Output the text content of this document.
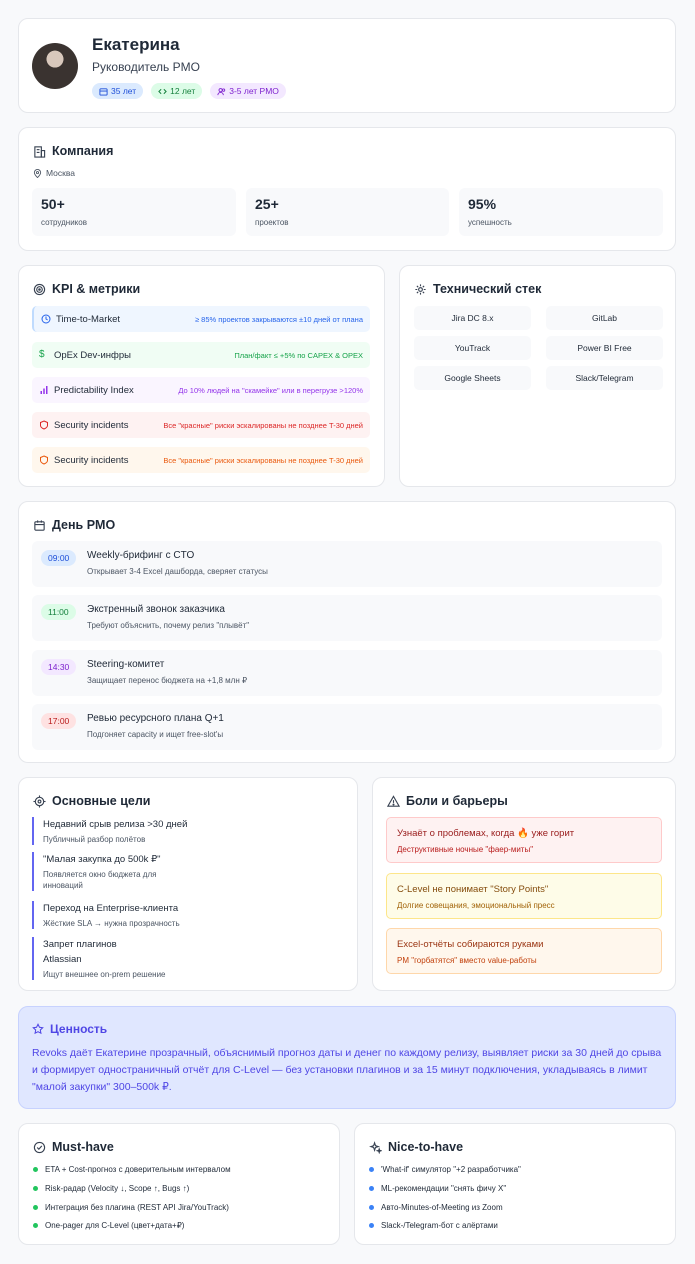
Екатерина
Руководитель PMO
35 лет	12 лет	3-5 лет PMO
Компания
Москва
50+
сотрудников
25+
проектов
95%
успешность
KPI & метрики
Time-to-Market	≥ 85% проектов закрываются ±10 дней от плана
$ OpEx Dev-инфры	План/факт ≤ +5% по CAPEX & OPEX
Predictability Index	До 10% людей на "скамейке" или в перегрузе >120%
Security incidents	Все "красные" риски эскалированы не позднее T-30 дней
Security incidents	Все "красные" риски эскалированы не позднее T-30 дней
Технический стек
Jira DC 8.x	GitLab
YouTrack	Power BI Free
Google Sheets	Slack/Telegram
День PMO
09:00	Weekly-брифинг с CTO
Открывает 3-4 Excel дашборда, сверяет статусы
11:00	Экстренный звонок заказчика
Требуют объяснить, почему релиз "плывёт"
14:30	Steering-комитет
Защищает перенос бюджета на +1,8 млн ₽
17:00	Ревью ресурсного плана Q+1
Подгоняет capacity и ищет free-slot'ы
Основные цели
Недавний срыв релиза >30 дней
Публичный разбор полётов
"Малая закупка до 500k ₽"
Появляется окно бюджета для инноваций
Переход на Enterprise-клиента
Жёсткие SLA → нужна прозрачность
Запрет плагинов Atlassian
Ищут внешнее on-prem решение
Боли и барьеры
Узнаёт о проблемах, когда 🔥 уже горит
Деструктивные ночные "фаер-миты"
C-Level не понимает "Story Points"
Долгие совещания, эмоциональный пресс
Excel-отчёты собираются руками
PM "горбатятся" вместо value-работы
Ценность
Revoks даёт Екатерине прозрачный, объяснимый прогноз даты и денег по каждому релизу, выявляет риски за 30 дней до срыва и формирует одностраничный отчёт для C-Level — без установки плагинов и за 15 минут подключения, укладываясь в лимит "малой закупки" 300–500k ₽.
Must-have
ETA + Cost-прогноз с доверительным интервалом
Risk-радар (Velocity ↓, Scope ↑, Bugs ↑)
Интеграция без плагина (REST API Jira/YouTrack)
One-pager для C-Level (цвет+дата+₽)
Nice-to-have
'What-if' симулятор "+2 разработчика"
ML-рекомендации "снять фичу X"
Авто-Minutes-of-Meeting из Zoom
Slack-/Telegram-бот с алёртами
